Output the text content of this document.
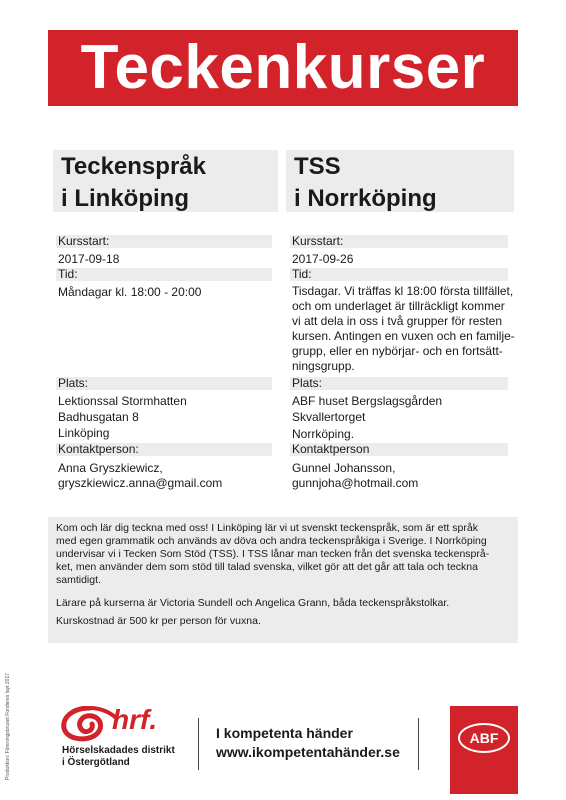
Teckenkurser
Teckenspråk
i Linköping
TSS
i Norrköping
Kursstart:
2017-09-18
Tid:
Måndagar kl. 18:00 - 20:00
Plats:
Lektionssal Stormhatten
Badhusgatan 8
Linköping
Kontaktperson:
Anna Gryszkiewicz,
gryszkiewicz.anna@gmail.com
Kursstart:
2017-09-26
Tid:
Tisdagar. Vi träffas kl 18:00 första tillfället,
och om underlaget är tillräckligt kommer
vi att dela in oss i två grupper för resten
kursen. Antingen en vuxen och en familje-
grupp, eller en nybörjar- och en fortsätt-
ningsgrupp.
Plats:
ABF huset Bergslagsgården
Skvallertorget
Norrköping.
Kontaktperson
Gunnel Johansson,
gunnjoha@hotmail.com

Kom och lär dig teckna med oss! I Linköping lär vi ut svenskt teckenspråk, som är ett språk

med egen grammatik och används av döva och andra teckenspråkiga i Sverige. I Norrköping

undervisar vi i Tecken Som Stöd (TSS). I TSS lånar man tecken från det svenska teckensprå-

ket, men använder dem som stöd till talad svenska, vilket gör att det går att tala och teckna

samtidigt.

Lärare på kurserna är Victoria Sundell och Angelica Grann, båda teckenspråkstolkar.

Kurskostnad är 500 kr per person för vuxna.

Produktion: Föreningsbruset Fonderes layt 2017	hrf.
Hörselskadades distrikt
i Östergötland
I kompetenta händer
www.ikompetentahänder.se
ABF
